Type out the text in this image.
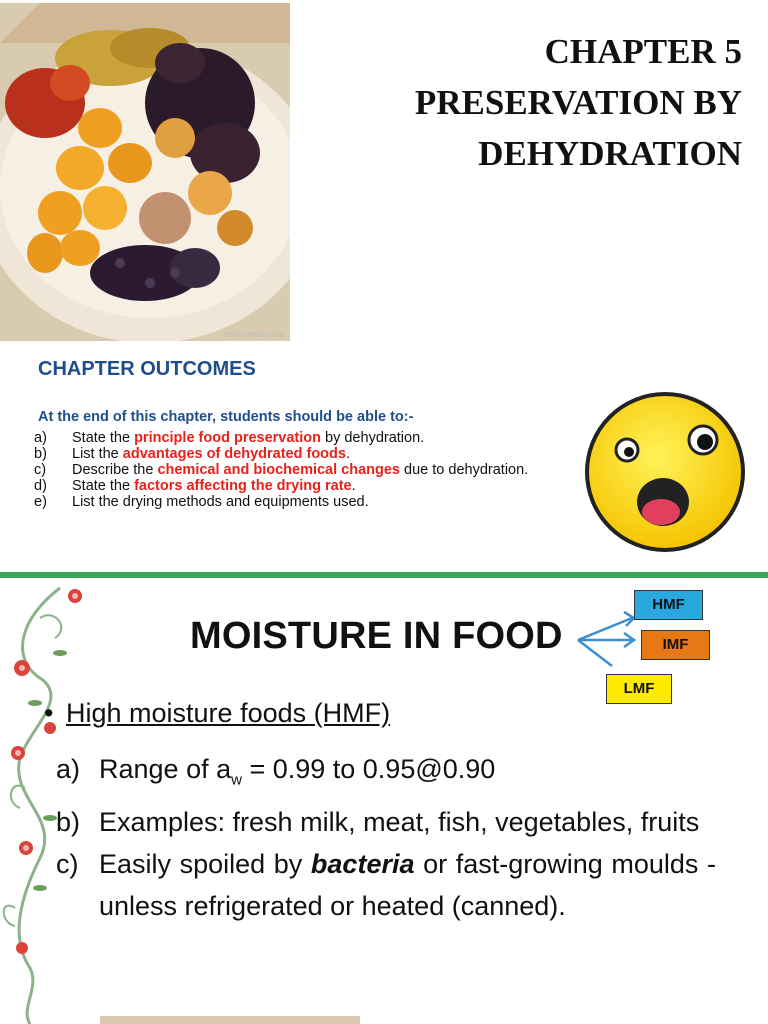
Dennis Photo Shop
CHAPTER 5
PRESERVATION BY
DEHYDRATION
CHAPTER OUTCOMES
At the end of this chapter, students should be able to:-
a) State the principle food preservation by dehydration.
b) List the advantages of dehydrated foods.
c) Describe the chemical and biochemical changes due to dehydration.
d) State the factors affecting the drying rate.
e) List the drying methods and equipments used.
MOISTURE IN FOOD
HMF
IMF
LMF
• High moisture foods (HMF)
a) Range of $a_w = 0.99$ to 0.95@0.90
b) Examples: fresh milk, meat, fish, vegetables, fruits
c) Easily spoiled by bacteria or fast-growing moulds - unless refrigerated or heated (canned).
